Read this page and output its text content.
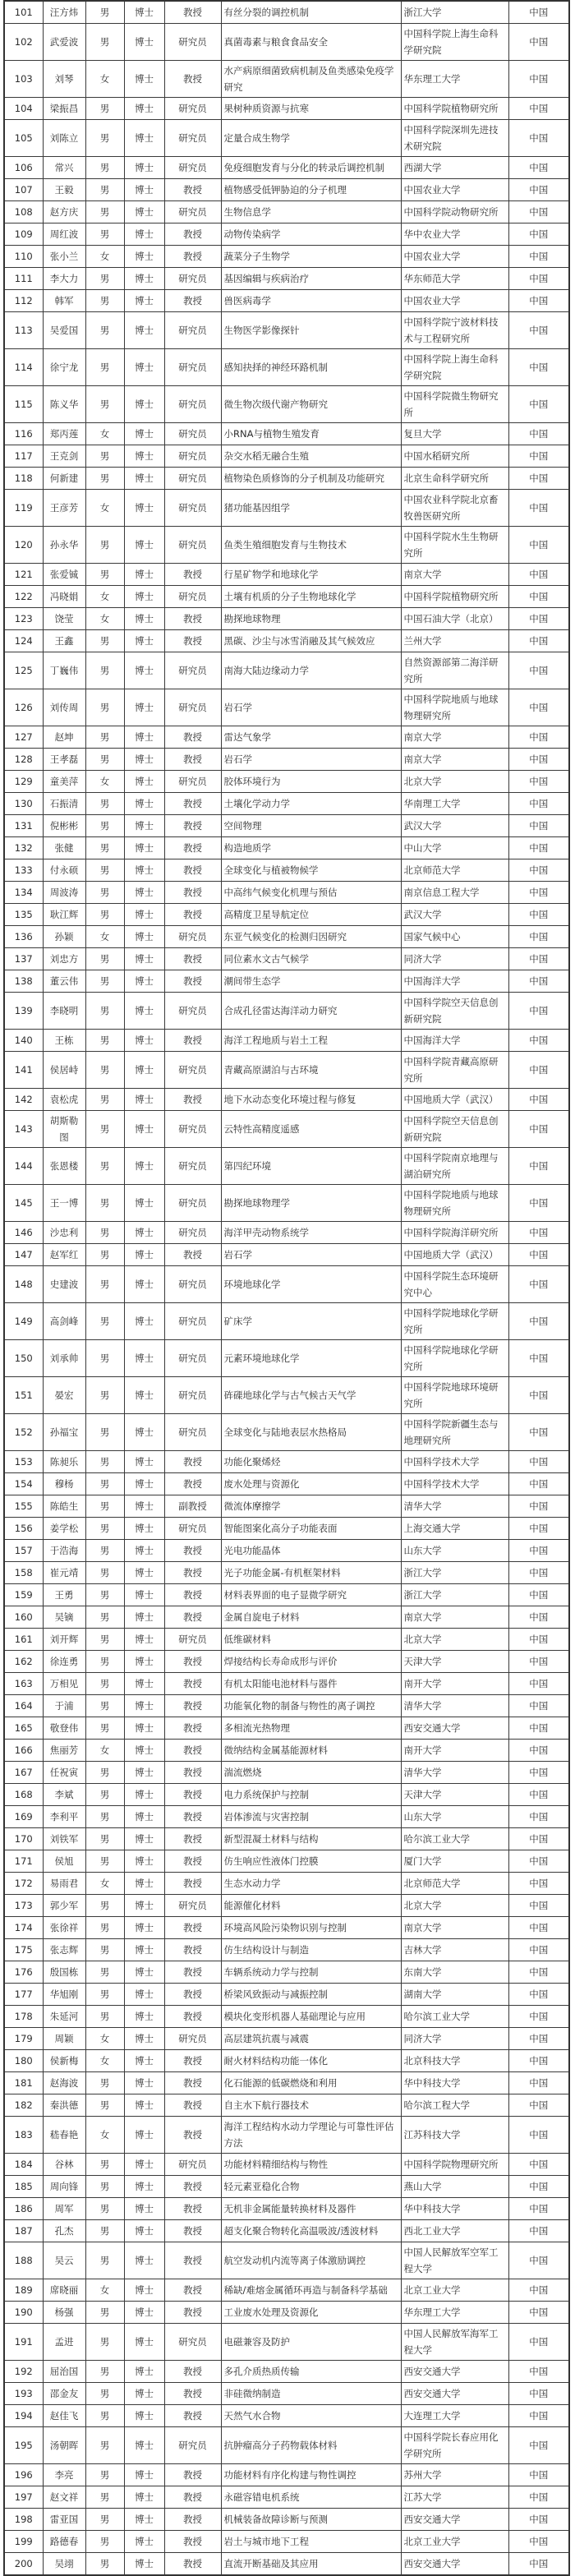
101	汪方炜	男	博士	教授	有丝分裂的调控机制	浙江大学	中国
102	武爱波	男	博士	研究员	真菌毒素与粮食食品安全	中国科学院上海生命科学研究院	中国
103	刘琴	女	博士	教授	水产病原细菌致病机制及鱼类感染免疫学研究	华东理工大学	中国
104	梁振昌	男	博士	研究员	果树种质资源与抗寒	中国科学院植物研究所	中国
105	刘陈立	男	博士	研究员	定量合成生物学	中国科学院深圳先进技术研究院	中国
106	常兴	男	博士	研究员	免疫细胞发育与分化的转录后调控机制	西湖大学	中国
107	王毅	男	博士	教授	植物感受低钾胁迫的分子机理	中国农业大学	中国
108	赵方庆	男	博士	研究员	生物信息学	中国科学院动物研究所	中国
109	周红波	男	博士	教授	动物传染病学	华中农业大学	中国
110	张小兰	女	博士	教授	蔬菜分子生物学	中国农业大学	中国
111	李大力	男	博士	研究员	基因编辑与疾病治疗	华东师范大学	中国
112	韩军	男	博士	教授	兽医病毒学	中国农业大学	中国
113	吴爱国	男	博士	研究员	生物医学影像探针	中国科学院宁波材料技术与工程研究所	中国
114	徐宁龙	男	博士	研究员	感知抉择的神经环路机制	中国科学院上海生命科学研究院	中国
115	陈义华	男	博士	研究员	微生物次级代谢产物研究	中国科学院微生物研究所	中国
116	郑丙莲	女	博士	研究员	小RNA与植物生殖发育	复旦大学	中国
117	王克剑	男	博士	研究员	杂交水稻无融合生殖	中国水稻研究所	中国
118	何新建	男	博士	研究员	植物染色质修饰的分子机制及功能研究	北京生命科学研究所	中国
119	王彦芳	女	博士	研究员	猪功能基因组学	中国农业科学院北京畜牧兽医研究所	中国
120	孙永华	男	博士	研究员	鱼类生殖细胞发育与生物技术	中国科学院水生生物研究所	中国
121	张爱铖	男	博士	教授	行星矿物学和地球化学	南京大学	中国
122	冯晓娟	女	博士	研究员	土壤有机质的分子生物地球化学	中国科学院植物研究所	中国
123	饶莹	女	博士	教授	勘探地球物理	中国石油大学（北京）	中国
124	王鑫	男	博士	教授	黑碳、沙尘与冰雪消融及其气候效应	兰州大学	中国
125	丁巍伟	男	博士	研究员	南海大陆边缘动力学	自然资源部第二海洋研究所	中国
126	刘传周	男	博士	研究员	岩石学	中国科学院地质与地球物理研究所	中国
127	赵坤	男	博士	教授	雷达气象学	南京大学	中国
128	王孝磊	男	博士	教授	岩石学	南京大学	中国
129	童美萍	女	博士	研究员	胶体环境行为	北京大学	中国
130	石振清	男	博士	教授	土壤化学动力学	华南理工大学	中国
131	倪彬彬	男	博士	教授	空间物理	武汉大学	中国
132	张健	男	博士	教授	构造地质学	中山大学	中国
133	付永硕	男	博士	教授	全球变化与植被物候学	北京师范大学	中国
134	周波涛	男	博士	教授	中高纬气候变化机理与预估	南京信息工程大学	中国
135	耿江辉	男	博士	教授	高精度卫星导航定位	武汉大学	中国
136	孙颖	女	博士	研究员	东亚气候变化的检测归因研究	国家气候中心	中国
137	刘忠方	男	博士	教授	同位素水文古气候学	同济大学	中国
138	董云伟	男	博士	教授	潮间带生态学	中国海洋大学	中国
139	李晓明	男	博士	研究员	合成孔径雷达海洋动力研究	中国科学院空天信息创新研究院	中国
140	王栋	男	博士	教授	海洋工程地质与岩土工程	中国海洋大学	中国
141	侯居峙	男	博士	研究员	青藏高原湖泊与古环境	中国科学院青藏高原研究所	中国
142	袁松虎	男	博士	教授	地下水动态变化环境过程与修复	中国地质大学（武汉）	中国
143	胡斯勒图	男	博士	研究员	云特性高精度遥感	中国科学院空天信息创新研究院	中国
144	张恩楼	男	博士	研究员	第四纪环境	中国科学院南京地理与湖泊研究所	中国
145	王一博	男	博士	研究员	勘探地球物理学	中国科学院地质与地球物理研究所	中国
146	沙忠利	男	博士	研究员	海洋甲壳动物系统学	中国科学院海洋研究所	中国
147	赵军红	男	博士	教授	岩石学	中国地质大学（武汉）	中国
148	史建波	男	博士	研究员	环境地球化学	中国科学院生态环境研究中心	中国
149	高剑峰	男	博士	研究员	矿床学	中国科学院地球化学研究所	中国
150	刘承帅	男	博士	研究员	元素环境地球化学	中国科学院地球化学研究所	中国
151	晏宏	男	博士	研究员	砗磲地球化学与古气候古天气学	中国科学院地球环境研究所	中国
152	孙福宝	男	博士	研究员	全球变化与陆地表层水热格局	中国科学院新疆生态与地理研究所	中国
153	陈昶乐	男	博士	教授	功能化聚烯烃	中国科学技术大学	中国
154	穆杨	男	博士	教授	废水处理与资源化	中国科学技术大学	中国
155	陈皓生	男	博士	副教授	微流体摩擦学	清华大学	中国
156	姜学松	男	博士	研究员	智能图案化高分子功能表面	上海交通大学	中国
157	于浩海	男	博士	教授	光电功能晶体	山东大学	中国
158	崔元靖	男	博士	教授	光子功能金属-有机框架材料	浙江大学	中国
159	王勇	男	博士	教授	材料表界面的电子显微学研究	浙江大学	中国
160	吴镝	男	博士	教授	金属自旋电子材料	南京大学	中国
161	刘开辉	男	博士	研究员	低维碳材料	北京大学	中国
162	徐连勇	男	博士	教授	焊接结构长寿命成形与评价	天津大学	中国
163	万相见	男	博士	教授	有机太阳能电池材料与器件	南开大学	中国
164	于浦	男	博士	教授	功能氧化物的制备与物性的离子调控	清华大学	中国
165	敬登伟	男	博士	教授	多相流光热物理	西安交通大学	中国
166	焦丽芳	女	博士	教授	微纳结构金属基能源材料	南开大学	中国
167	任祝寅	男	博士	教授	湍流燃烧	清华大学	中国
168	李斌	男	博士	教授	电力系统保护与控制	天津大学	中国
169	李利平	男	博士	教授	岩体渗流与灾害控制	山东大学	中国
170	刘铁军	男	博士	教授	新型混凝土材料与结构	哈尔滨工业大学	中国
171	侯旭	男	博士	教授	仿生响应性液体门控膜	厦门大学	中国
172	易雨君	女	博士	教授	生态水动力学	北京师范大学	中国
173	郭少军	男	博士	研究员	能源催化材料	北京大学	中国
174	张徐祥	男	博士	教授	环境高风险污染物识别与控制	南京大学	中国
175	张志辉	男	博士	教授	仿生结构设计与制造	吉林大学	中国
176	殷国栋	男	博士	教授	车辆系统动力学与控制	东南大学	中国
177	华旭刚	男	博士	教授	桥梁风致振动与减振控制	湖南大学	中国
178	朱延河	男	博士	教授	模块化变形机器人基础理论与应用	哈尔滨工业大学	中国
179	周颖	女	博士	研究员	高层建筑抗震与减震	同济大学	中国
180	侯新梅	女	博士	教授	耐火材料结构功能一体化	北京科技大学	中国
181	赵海波	男	博士	教授	化石能源的低碳燃烧和利用	华中科技大学	中国
182	秦洪德	男	博士	教授	自主水下航行器技术	哈尔滨工程大学	中国
183	嵇春艳	女	博士	教授	海洋工程结构水动力学理论与可靠性评估方法	江苏科技大学	中国
184	谷林	男	博士	研究员	功能材料精细结构与物性	中国科学院物理研究所	中国
185	周向锋	男	博士	教授	轻元素亚稳化合物	燕山大学	中国
186	周军	男	博士	教授	无机非金属能量转换材料及器件	华中科技大学	中国
187	孔杰	男	博士	教授	超支化聚合物转化高温吸波/透波材料	西北工业大学	中国
188	吴云	男	博士	教授	航空发动机内流等离子体激励调控	中国人民解放军空军工程大学	中国
189	席晓丽	女	博士	教授	稀缺/难熔金属循环再造与制备科学基础	北京工业大学	中国
190	杨强	男	博士	教授	工业废水处理及资源化	华东理工大学	中国
191	孟进	男	博士	研究员	电磁兼容及防护	中国人民解放军海军工程大学	中国
192	屈治国	男	博士	教授	多孔介质热质传输	西安交通大学	中国
193	邵金友	男	博士	教授	非硅微纳制造	西安交通大学	中国
194	赵佳飞	男	博士	教授	天然气水合物	大连理工大学	中国
195	汤朝晖	男	博士	研究员	抗肿瘤高分子药物载体材料	中国科学院长春应用化学研究所	中国
196	李亮	男	博士	教授	功能材料有序化构建与物性调控	苏州大学	中国
197	赵文祥	男	博士	教授	永磁容错电机系统	江苏大学	中国
198	雷亚国	男	博士	教授	机械装备故障诊断与预测	西安交通大学	中国
199	路德春	男	博士	教授	岩土与城市地下工程	北京工业大学	中国
200	吴翊	男	博士	教授	直流开断基础及其应用	西安交通大学	中国
